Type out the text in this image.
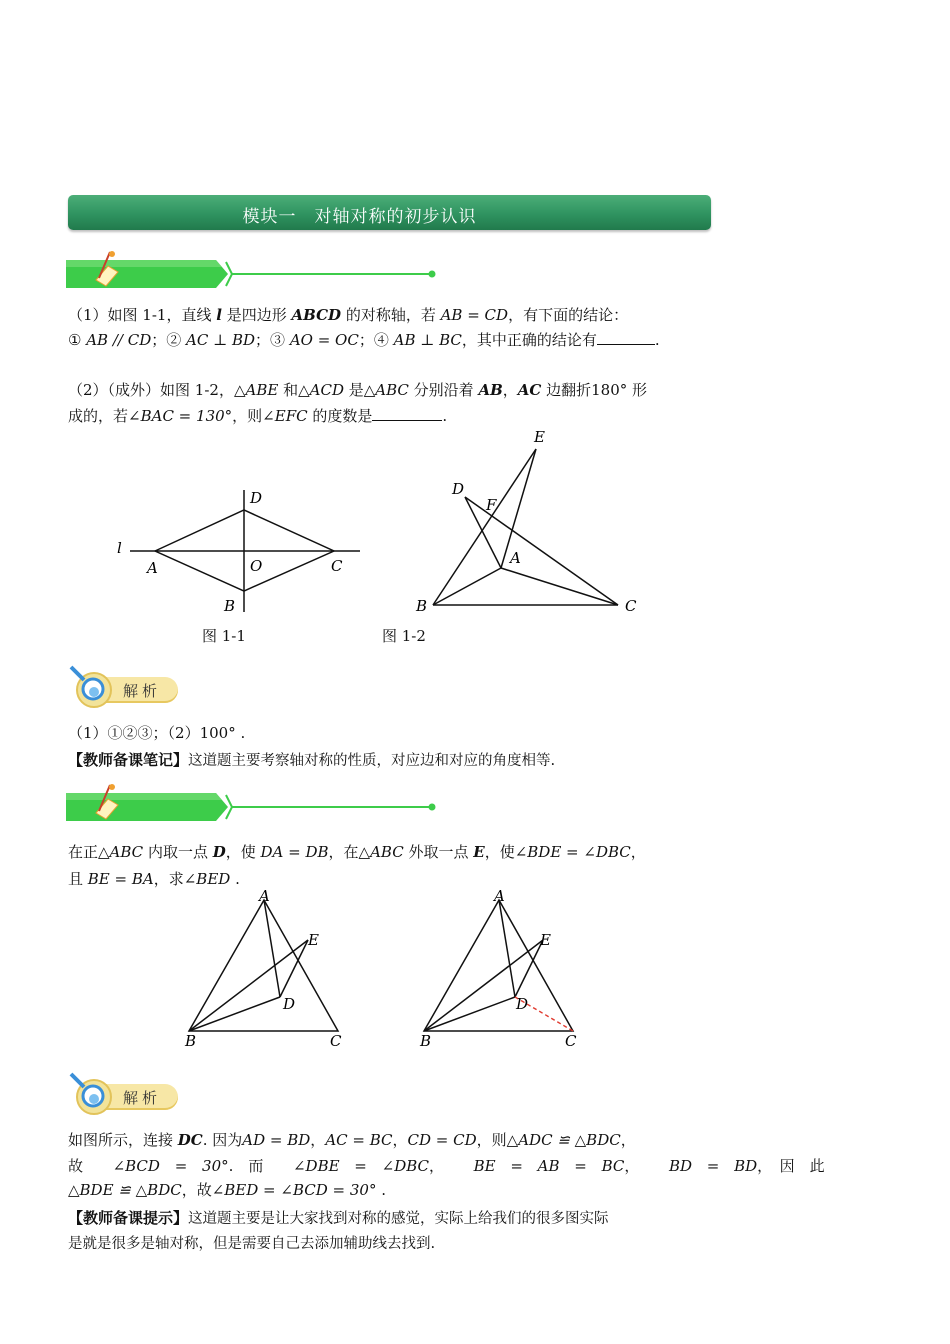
模块一　对轴对称的初步认识
（1）如图 1-1，直线 l 是四边形 ABCD 的对称轴，若 AB = CD，有下面的结论：
① AB // CD；② AC ⊥ BD；③ AO = OC；④ AB ⊥ BC，其中正确的结论有	.
（2）（成外）如图 1-2，△ABE 和△ACD 是△ABC 分别沿着 AB，AC 边翻折180° 形
成的，若∠BAC = 130°，则∠EFC 的度数是	.
l
A
D
O	C
B
图 1-1
E
D
F
A
B	C
图 1-2
解析
（1）①②③；（2）100° .
【教师备课笔记】这道题主要考察轴对称的性质，对应边和对应的角度相等.
在正△ABC 内取一点 D，使 DA = DB，在△ABC 外取一点 E，使∠BDE = ∠DBC，
且 BE = BA，求∠BED .
A
E
D
B	C
A
E
D
B	C
解析
如图所示，连接 DC. 因为AD = BD，AC = BC，CD = CD，则△ADC ≌ △BDC，
故 ∠BCD = 30°.　而 ∠DBE = ∠DBC， BE = AB = BC， BD = BD，　因　此
△BDE ≌ △BDC，故∠BED = ∠BCD = 30° .
【教师备课提示】这道题主要是让大家找到对称的感觉，实际上给我们的很多图实际
是就是很多是轴对称，但是需要自己去添加辅助线去找到.
